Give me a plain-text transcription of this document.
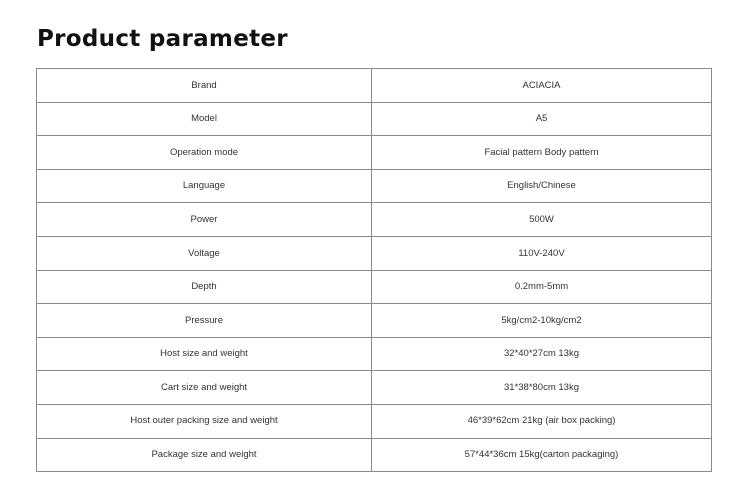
Product parameter
Brand	ACIACIA
Model	A5
Operation mode	Facial pattern Body pattern
Language	English/Chinese
Power	500W
Voltage	110V-240V
Depth	0.2mm-5mm
Pressure	5kg/cm2-10kg/cm2
Host size and weight	32*40*27cm 13kg
Cart size and weight	31*38*80cm 13kg
Host outer packing size and weight	46*39*62cm 21kg (air box packing)
Package size and weight	57*44*36cm 15kg(carton packaging)
